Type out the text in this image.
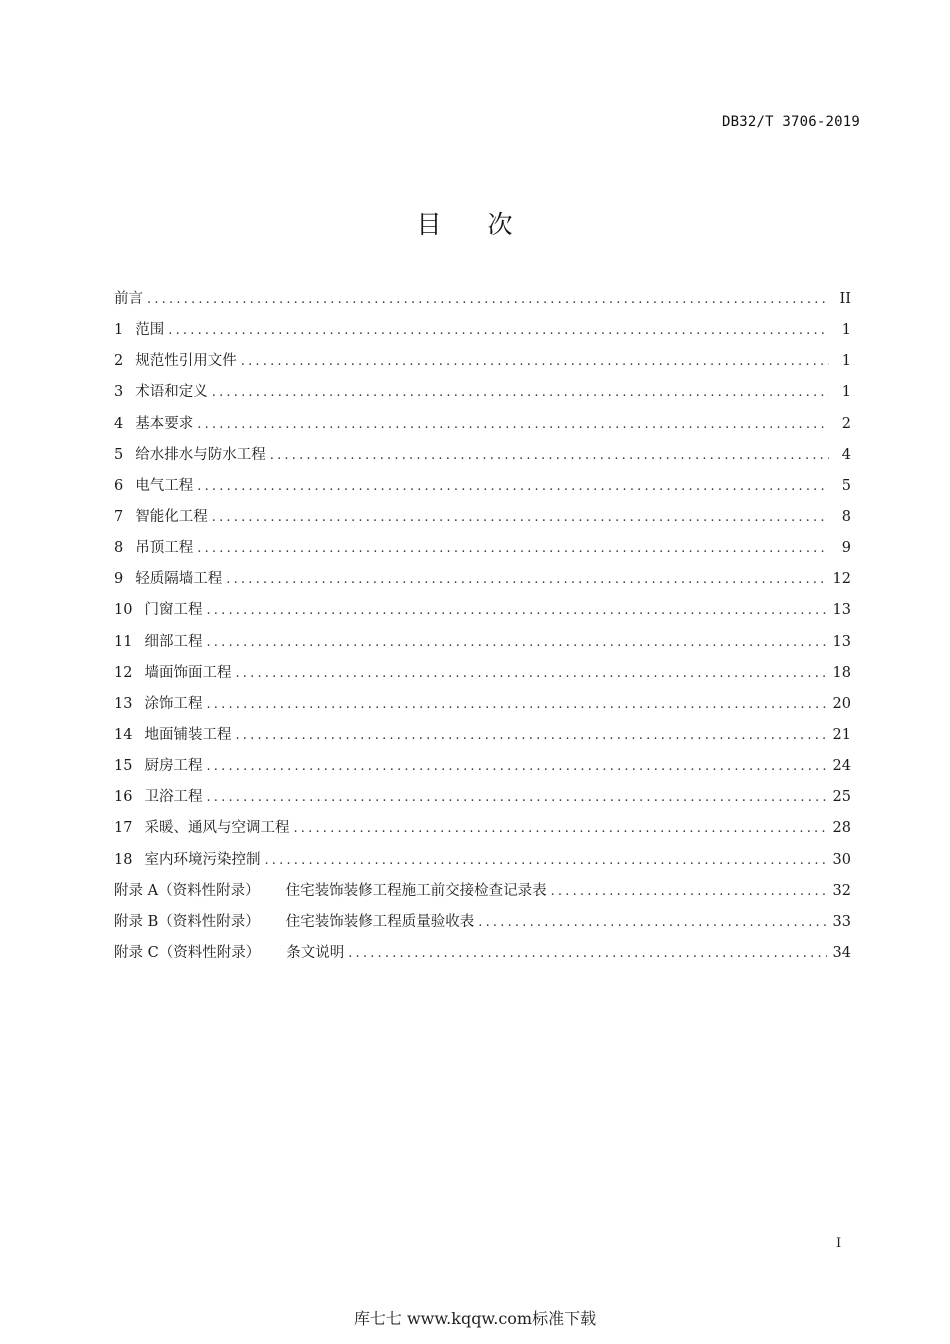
DB32/T 3706-2019
目次
前言 .....	II
1 范围 .....	1
2 规范性引用文件 .....	1
3 术语和定义 .....	1
4 基本要求 .....	2
5 给水排水与防水工程 .....	4
6 电气工程 .....	5
7 智能化工程 .....	8
8 吊顶工程 .....	9
9 轻质隔墙工程 .....	12
10 门窗工程 .....	13
11 细部工程 .....	13
12 墙面饰面工程 .....	18
13 涂饰工程 .....	20
14 地面铺装工程 .....	21
15 厨房工程 .....	24
16 卫浴工程 .....	25
17 采暖、通风与空调工程 .....	28
18 室内环境污染控制 .....	30
附录 A（资料性附录） 住宅装饰装修工程施工前交接检查记录表 .....	32
附录 B（资料性附录） 住宅装饰装修工程质量验收表 .....	33
附录 C（资料性附录） 条文说明 .....	34
I
库七七 www.kqqw.com标准下载
